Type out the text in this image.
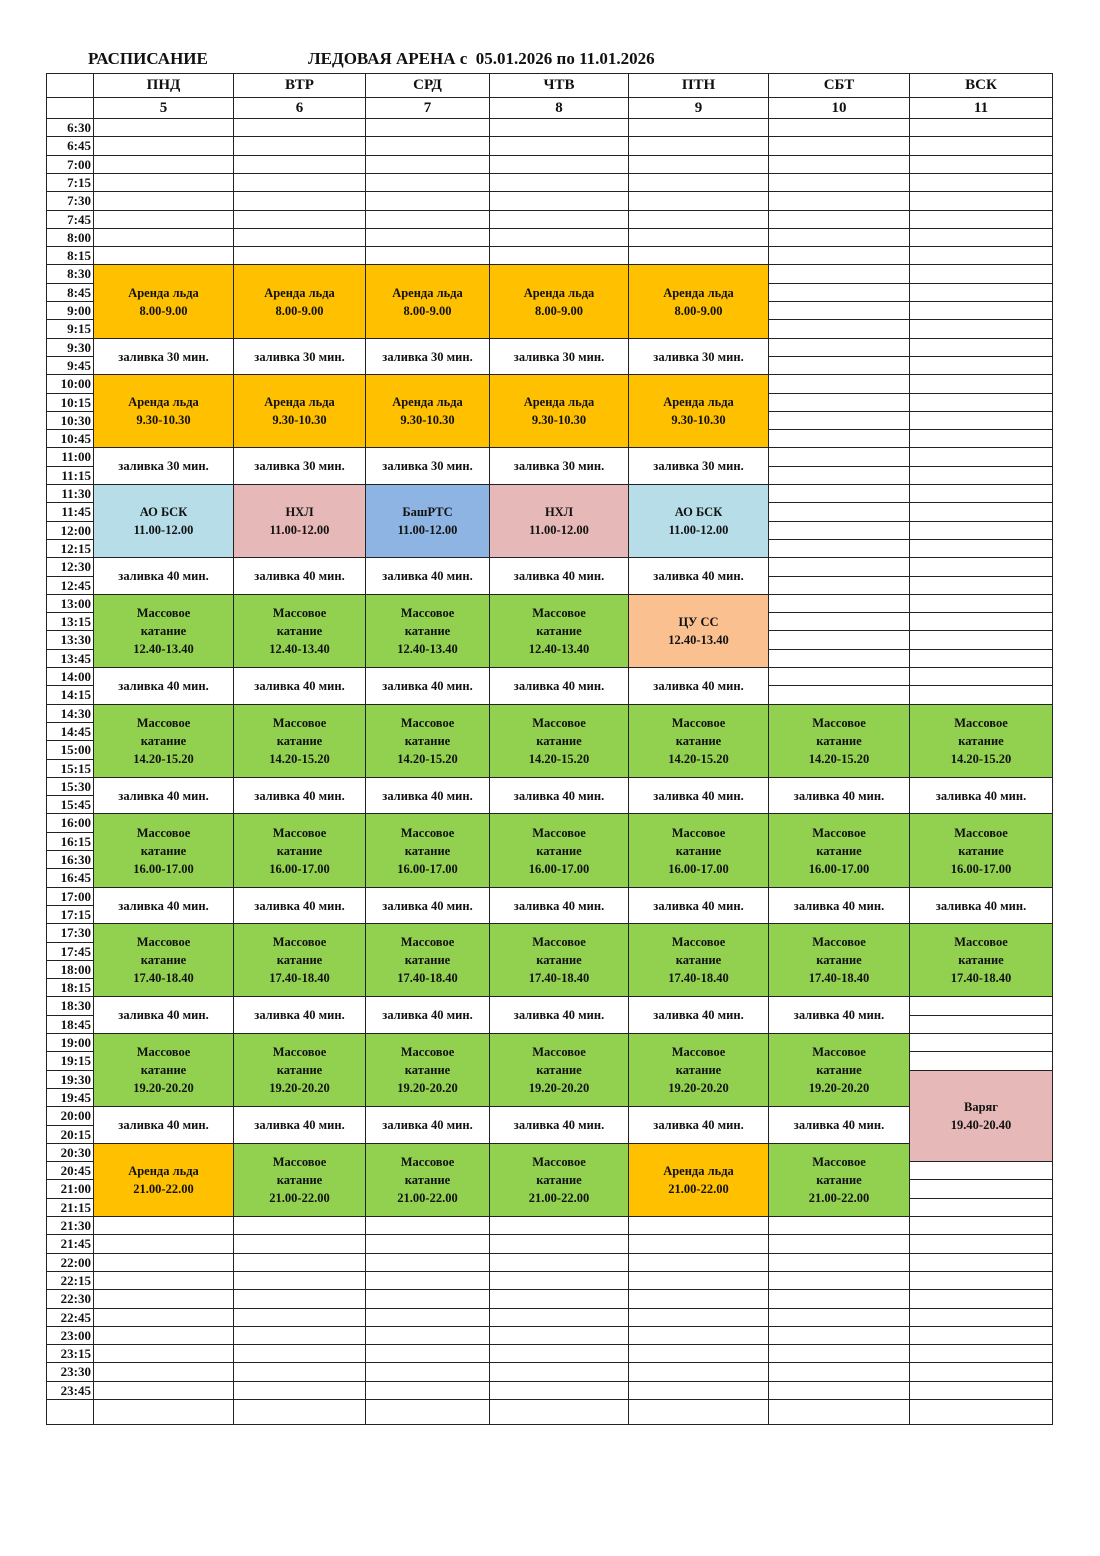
РАСПИСАНИЕ	ЛЕДОВАЯ АРЕНА с  05.01.2026 по 11.01.2026
ПНД
5
ВТР
6
СРД
7
ЧТВ
8
ПТН
9
СБТ
10
ВСК
11
6:30
6:45
7:00
7:15
7:30
7:45
8:00
8:15
8:30
8:45
9:00
9:15
9:30
9:45
10:00
10:15
10:30
10:45
11:00
11:15
11:30
11:45
12:00
12:15
12:30
12:45
13:00
13:15
13:30
13:45
14:00
14:15
14:30
14:45
15:00
15:15
15:30
15:45
16:00
16:15
16:30
16:45
17:00
17:15
17:30
17:45
18:00
18:15
18:30
18:45
19:00
19:15
19:30
19:45
20:00
20:15
20:30
20:45
21:00
21:15
21:30
21:45
22:00
22:15
22:30
22:45
23:00
23:15
23:30
23:45
Аренда льда
8.00-9.00
заливка 30 мин.
Аренда льда
9.30-10.30
заливка 30 мин.
АО БСК
11.00-12.00
заливка 40 мин.
Массовое
катание
12.40-13.40
заливка 40 мин.
Массовое
катание
14.20-15.20
заливка 40 мин.
Массовое
катание
16.00-17.00
заливка 40 мин.
Массовое
катание
17.40-18.40
заливка 40 мин.
Массовое
катание
19.20-20.20
заливка 40 мин.
Аренда льда
21.00-22.00
Аренда льда
8.00-9.00
заливка 30 мин.
Аренда льда
9.30-10.30
заливка 30 мин.
НХЛ
11.00-12.00
заливка 40 мин.
Массовое
катание
12.40-13.40
заливка 40 мин.
Массовое
катание
14.20-15.20
заливка 40 мин.
Массовое
катание
16.00-17.00
заливка 40 мин.
Массовое
катание
17.40-18.40
заливка 40 мин.
Массовое
катание
19.20-20.20
заливка 40 мин.
Массовое
катание
21.00-22.00
Аренда льда
8.00-9.00
заливка 30 мин.
Аренда льда
9.30-10.30
заливка 30 мин.
БашРТС
11.00-12.00
заливка 40 мин.
Массовое
катание
12.40-13.40
заливка 40 мин.
Массовое
катание
14.20-15.20
заливка 40 мин.
Массовое
катание
16.00-17.00
заливка 40 мин.
Массовое
катание
17.40-18.40
заливка 40 мин.
Массовое
катание
19.20-20.20
заливка 40 мин.
Массовое
катание
21.00-22.00
Аренда льда
8.00-9.00
заливка 30 мин.
Аренда льда
9.30-10.30
заливка 30 мин.
НХЛ
11.00-12.00
заливка 40 мин.
Массовое
катание
12.40-13.40
заливка 40 мин.
Массовое
катание
14.20-15.20
заливка 40 мин.
Массовое
катание
16.00-17.00
заливка 40 мин.
Массовое
катание
17.40-18.40
заливка 40 мин.
Массовое
катание
19.20-20.20
заливка 40 мин.
Массовое
катание
21.00-22.00
Аренда льда
8.00-9.00
заливка 30 мин.
Аренда льда
9.30-10.30
заливка 30 мин.
АО БСК
11.00-12.00
заливка 40 мин.
ЦУ СС
12.40-13.40
заливка 40 мин.
Массовое
катание
14.20-15.20
заливка 40 мин.
Массовое
катание
16.00-17.00
заливка 40 мин.
Массовое
катание
17.40-18.40
заливка 40 мин.
Массовое
катание
19.20-20.20
заливка 40 мин.
Аренда льда
21.00-22.00
Массовое
катание
14.20-15.20
заливка 40 мин.
Массовое
катание
16.00-17.00
заливка 40 мин.
Массовое
катание
17.40-18.40
заливка 40 мин.
Массовое
катание
19.20-20.20
заливка 40 мин.
Массовое
катание
21.00-22.00
Массовое
катание
14.20-15.20
заливка 40 мин.
Массовое
катание
16.00-17.00
заливка 40 мин.
Массовое
катание
17.40-18.40
Варяг
19.40-20.40
